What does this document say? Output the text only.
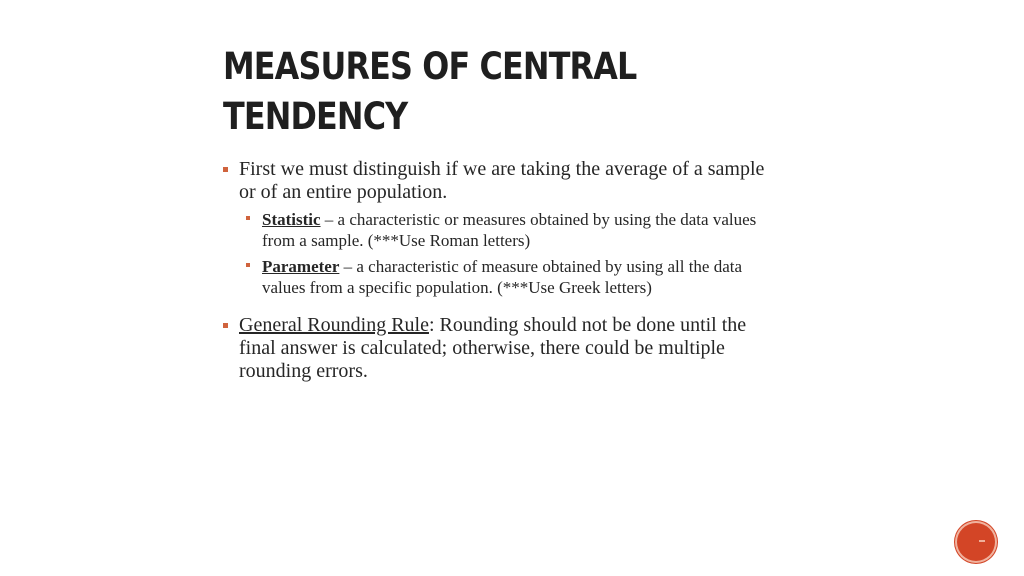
MEASURES OF CENTRAL TENDENCY
First we must distinguish if we are taking the average of a sample or of an entire population.
Statistic – a characteristic or measures obtained by using the data values from a sample. (***Use Roman letters)
Parameter – a characteristic of measure obtained by using all the data values from a specific population. (***Use Greek letters)
General Rounding Rule: Rounding should not be done until the final answer is calculated; otherwise, there could be multiple rounding errors.
